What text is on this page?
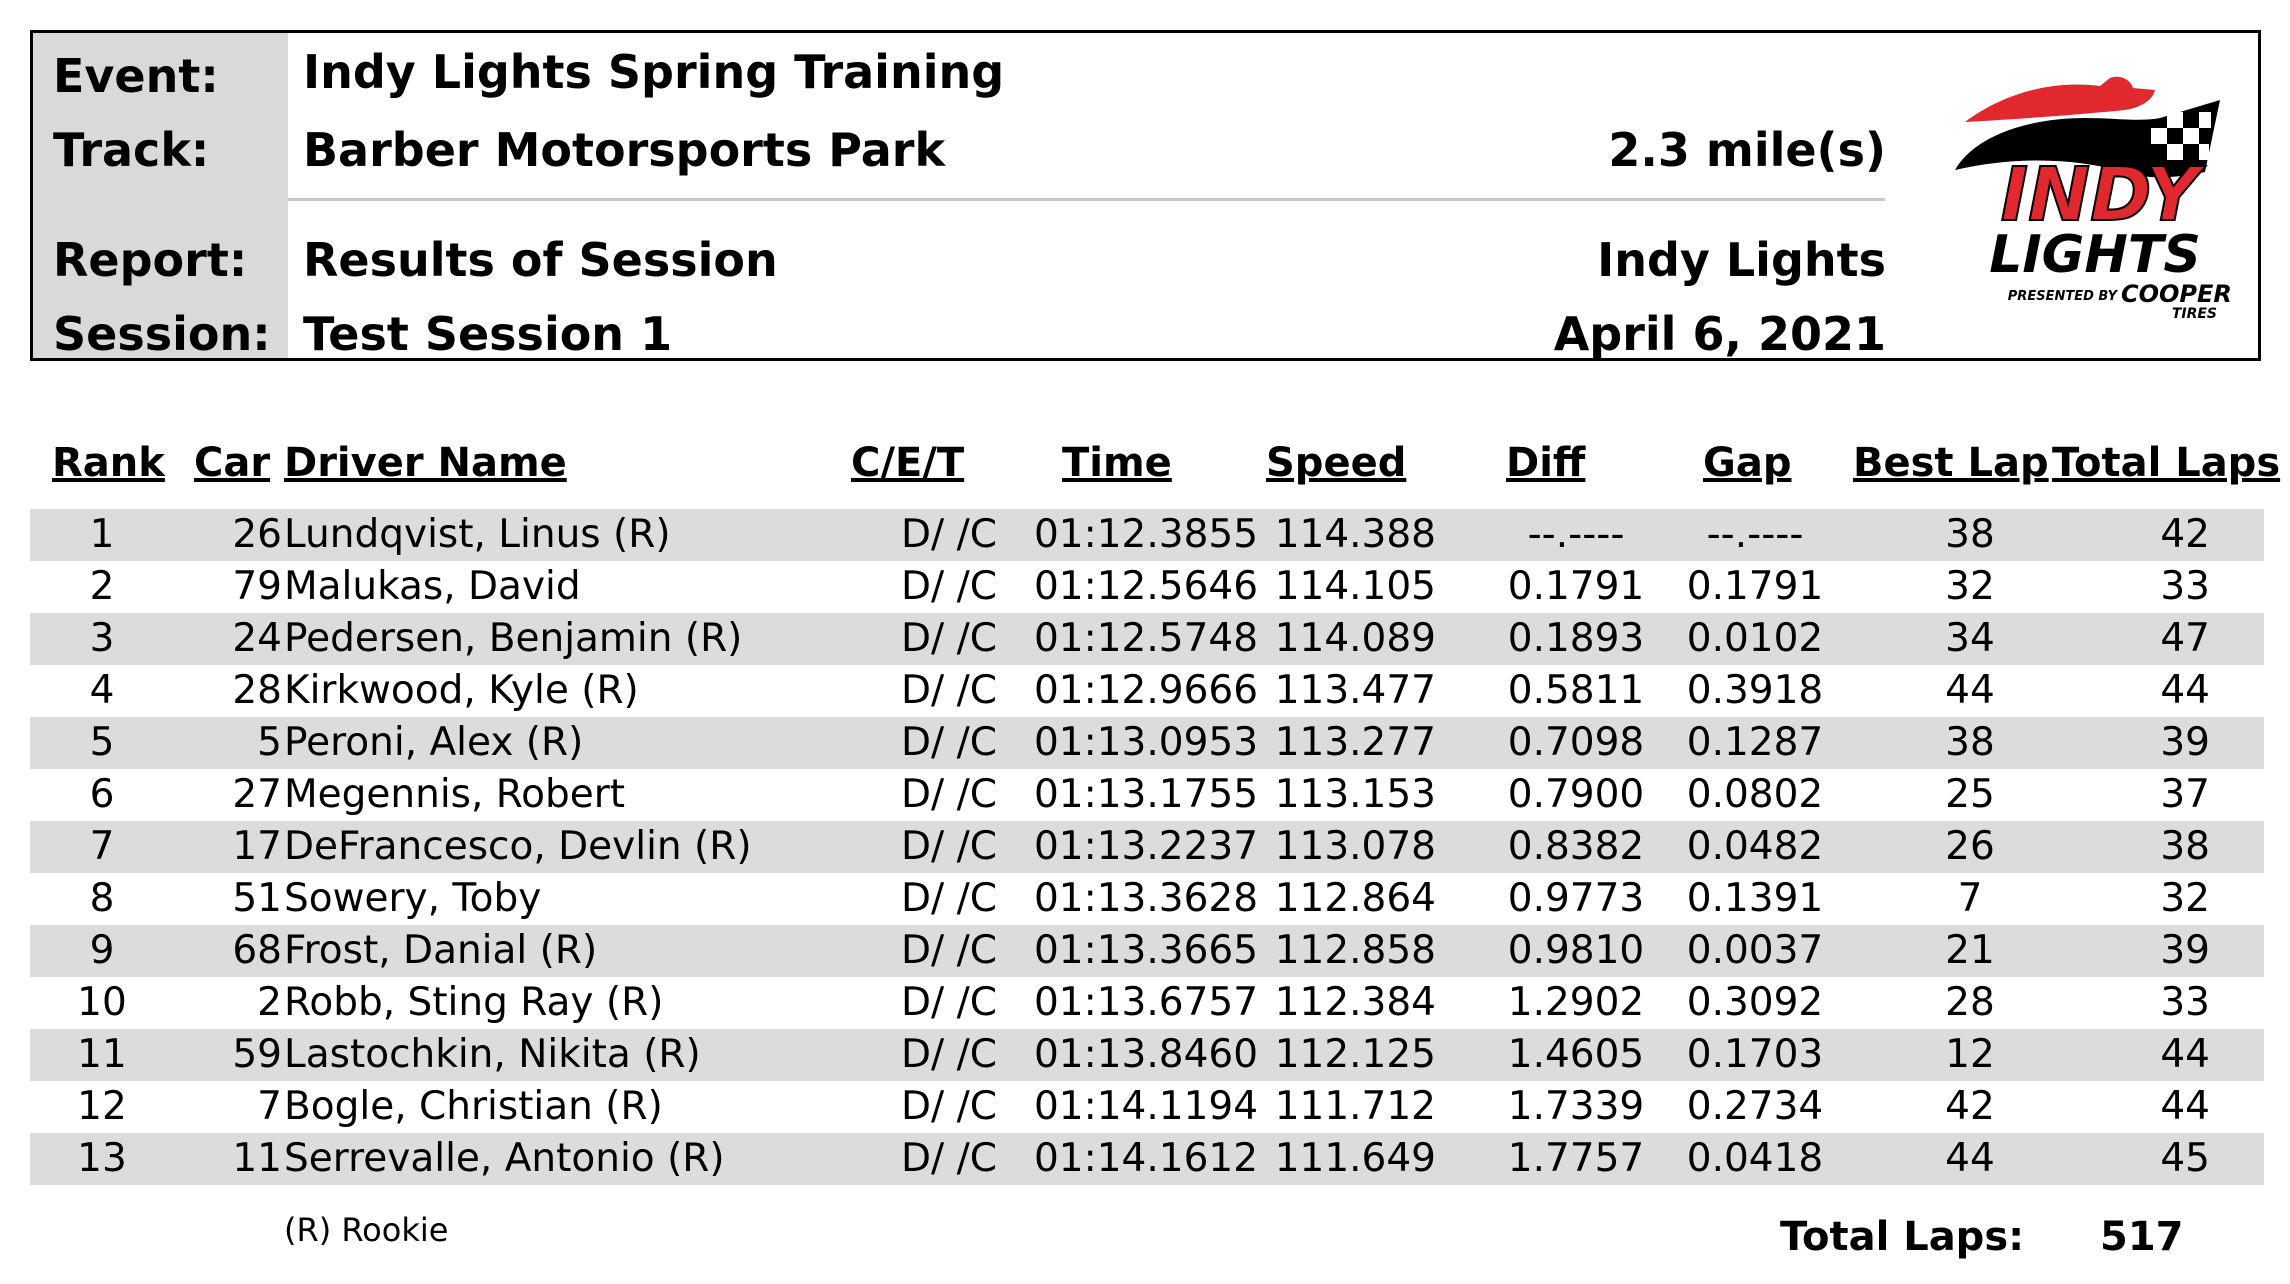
Event: Indy Lights Spring Training
Track: Barber Motorsports Park	2.3 mile(s)
Report: Results of Session	Indy Lights
Session: Test Session 1	April 6, 2021
INDY
LIGHTS
PRESENTED BY COOPER
TIRES
Rank Car Driver Name	C/E/T Time Speed Diff	Gap Best Lap Total Laps
1	26 Lundqvist, Linus (R)	D/ /C 01:12.3855 114.388	--.----	--.----	38	42
2	79 Malukas, David	D/ /C 01:12.5646 114.105	0.1791	0.1791	32	33
3	24 Pedersen, Benjamin (R)	D/ /C 01:12.5748 114.089	0.1893	0.0102	34	47
4	28 Kirkwood, Kyle (R)	D/ /C 01:12.9666 113.477	0.5811	0.3918	44	44
5	5 Peroni, Alex (R)	D/ /C 01:13.0953 113.277	0.7098	0.1287	38	39
6	27 Megennis, Robert	D/ /C 01:13.1755 113.153	0.7900	0.0802	25	37
7	17 DeFrancesco, Devlin (R)	D/ /C 01:13.2237 113.078	0.8382	0.0482	26	38
8	51 Sowery, Toby	D/ /C 01:13.3628 112.864	0.9773	0.1391	7	32
9	68 Frost, Danial (R)	D/ /C 01:13.3665 112.858	0.9810	0.0037	21	39
10	2 Robb, Sting Ray (R)	D/ /C 01:13.6757 112.384	1.2902	0.3092	28	33
11	59 Lastochkin, Nikita (R)	D/ /C 01:13.8460 112.125	1.4605	0.1703	12	44
12	7 Bogle, Christian (R)	D/ /C 01:14.1194 111.712	1.7339	0.2734	42	44
13	11 Serrevalle, Antonio (R)	D/ /C 01:14.1612 111.649	1.7757	0.0418	44	45
(R) Rookie	Total Laps: 517
